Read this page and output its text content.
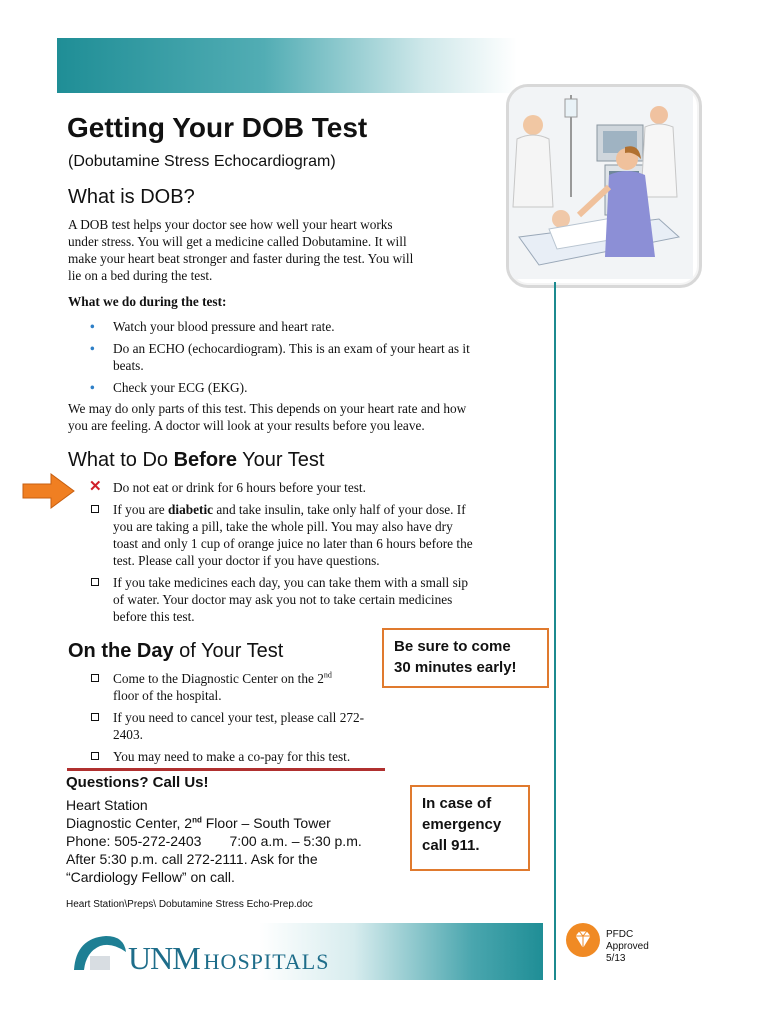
Getting Your DOB Test
(Dobutamine Stress Echocardiogram)
What is DOB?
A DOB test helps your doctor see how well your heart works
under stress. You will get a medicine called Dobutamine. It will
make your heart beat stronger and faster during the test. You will
lie on a bed during the test.
What we do during the test:
• Watch your blood pressure and heart rate.
• Do an ECHO (echocardiogram). This is an exam of your heart as it
beats.
• Check your ECG (EKG).
We may do only parts of this test. This depends on your heart rate and how
you are feeling. A doctor will look at your results before you leave.
What to Do Before Your Test
✕ Do not eat or drink for 6 hours before your test.
If you are diabetic and take insulin, take only half of your dose. If
you are taking a pill, take the whole pill. You may also have dry
toast and only 1 cup of orange juice no later than 6 hours before the
test. Please call your doctor if you have questions.
If you take medicines each day, you can take them with a small sip
of water. Your doctor may ask you not to take certain medicines
before this test.
On the Day of Your Test
Come to the Diagnostic Center on the 2nd
floor of the hospital.
If you need to cancel your test, please call 272-2403.
You may need to make a co-pay for this test.
Be sure to come
30 minutes early!
Questions? Call Us!
Heart Station
Diagnostic Center, 2nd Floor – South Tower
Phone: 505-272-2403 7:00 a.m. – 5:30 p.m.
After 5:30 p.m. call 272-2111. Ask for the
“Cardiology Fellow” on call.
In case of
emergency
call 911.
Heart Station\Preps\ Dobutamine Stress Echo-Prep.doc
UNM HOSPITALS
PFDC
Approved
5/13
